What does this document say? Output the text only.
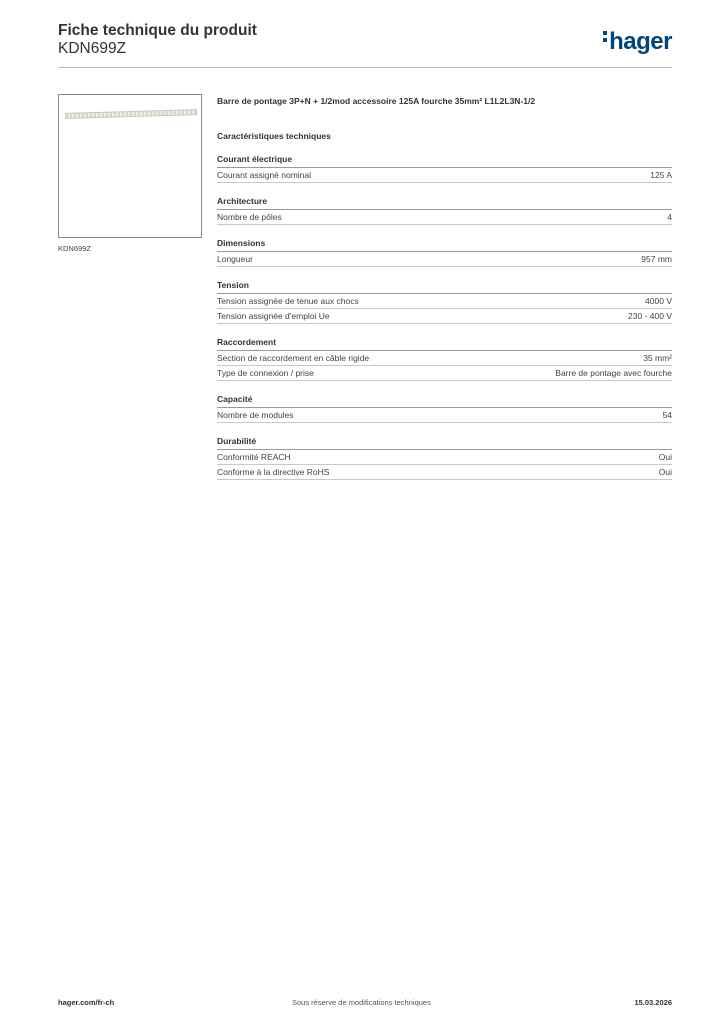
Fiche technique du produit
KDN699Z	hager
KDN699Z
Barre de pontage 3P+N + 1/2mod accessoire 125A fourche 35mm² L1L2L3N-1/2
Caractéristiques techniques
Courant électrique
Courant assigné nominal	125 A
Architecture
Nombre de pôles	4
Dimensions
Longueur	957 mm
Tension
Tension assignée de tenue aux chocs	4000 V
Tension assignée d'emploi Ue	230 - 400 V
Raccordement
Section de raccordement en câble rigide	35 mm²
Type de connexion / prise	Barre de pontage avec fourche
Capacité
Nombre de modules	54
Durabilité
Conformité REACH	Oui
Conforme à la directive RoHS	Oui
hager.com/fr-ch	Sous réserve de modifications techniques	15.03.2026
